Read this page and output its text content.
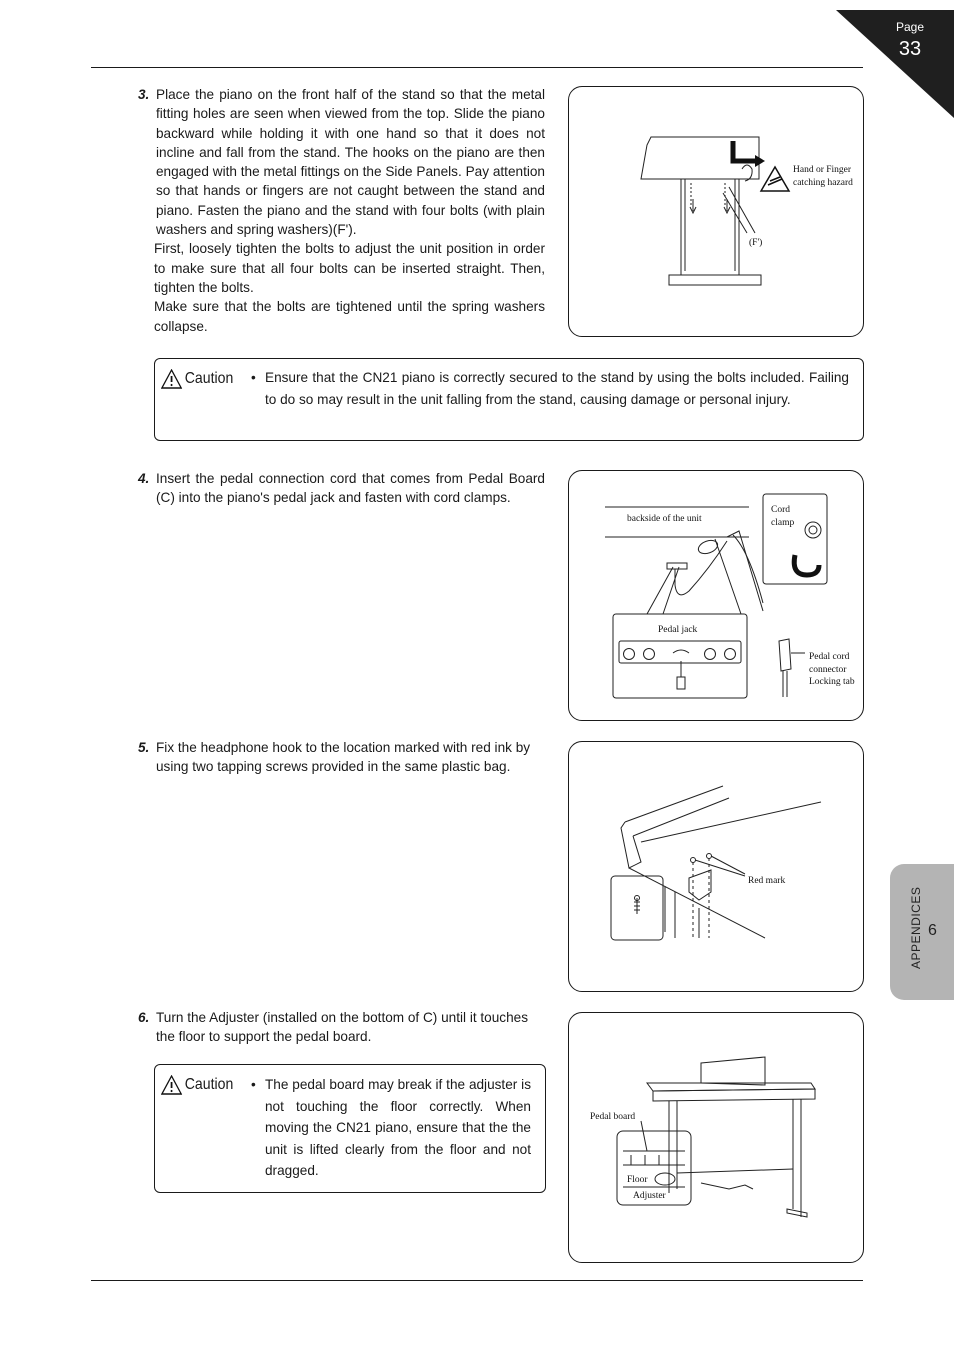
Page
33
APPENDICES 6
3. Place the piano on the front half of the stand so that the metal fitting holes are seen when viewed from the top. Slide the piano backward while holding it with one hand so that it does not incline and fall from the stand. The hooks on the piano are then engaged with the metal fittings on the Side Panels. Pay attention so that hands or fingers are not caught between the stand and piano. Fasten the piano and the stand with four bolts (with plain washers and spring washers)(F').

First, loosely tighten the bolts to adjust the unit position in order to make sure that all four bolts can be inserted straight. Then, tighten the bolts.

Make sure that the bolts are tightened until the spring washers collapse.

Hand or Finger catching hazard
(F')
Caution • Ensure that the CN21 piano is correctly secured to the stand by using the bolts included. Failing to do so may result in the unit falling from the stand, causing damage or personal injury.
4. Insert the pedal connection cord that comes from Pedal Board (C) into the piano's pedal jack and fasten with cord clamps.

backside of the unit
Cord clamp
Pedal jack
Pedal cord connector Locking tab
5. Fix the headphone hook to the location marked with red ink by using two tapping screws provided in the same plastic bag.

Red mark
6. Turn the Adjuster (installed on the bottom of C) until it touches the floor to support the pedal board.

Caution • The pedal board may break if the adjuster is not touching the floor correctly. When moving the CN21 piano, ensure that the the unit is lifted clearly from the floor and not dragged.
Pedal board
Floor
Adjuster
